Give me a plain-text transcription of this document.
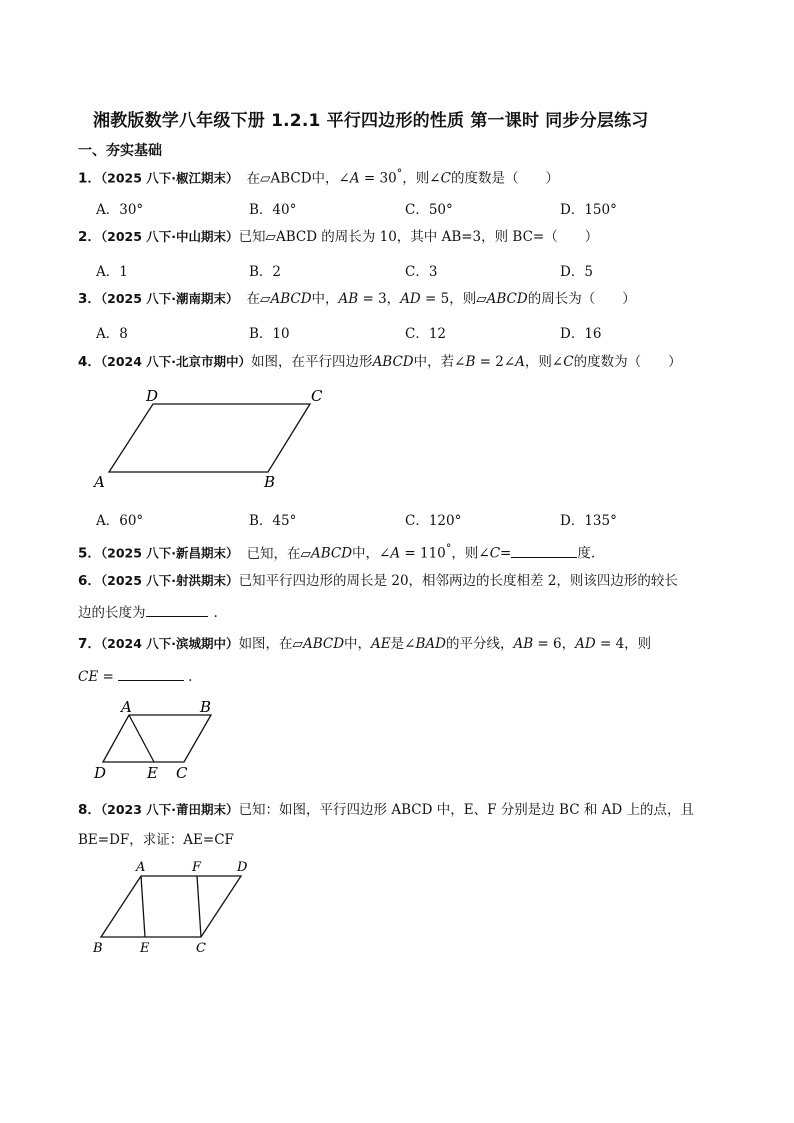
湘教版数学八年级下册 1.2.1 平行四边形的性质 第一课时 同步分层练习
一、夯实基础
1．（2025 八下·椒江期末） 在▱ABCD中，∠A = 30°，则∠C的度数是（　　）
A．30°	B．40°	C．50°	D．150°
2．（2025 八下·中山期末）已知▱ABCD 的周长为 10，其中 AB=3，则 BC=（　　）
A．1	B．2	C．3	D．5
3．（2025 八下·潮南期末） 在▱ABCD中，AB = 3，AD = 5，则▱ABCD的周长为（　　）
A．8	B．10	C．12	D．16
4．（2024 八下·北京市期中）如图，在平行四边形ABCD中，若∠B = 2∠A，则∠C的度数为（　　）
A	B
C
D
A．60°	B．45°	C．120°	D．135°
5．（2025 八下·新昌期末） 已知，在▱ABCD中，∠A = 110°，则∠C=	度.
6．（2025 八下·射洪期末）已知平行四边形的周长是 20，相邻两边的长度相差 2，则该四边形的较长
边的长度为	.
7．（2024 八下·滨城期中）如图，在▱ABCD中，AE是∠BAD的平分线，AB = 6，AD = 4，则
CE =	.
A	B
C
D	E
8．（2023 八下·莆田期末）已知：如图，平行四边形 ABCD 中，E、F 分别是边 BC 和 AD 上的点，且
BE=DF，求证：AE=CF
A	F	D
B	E	C
